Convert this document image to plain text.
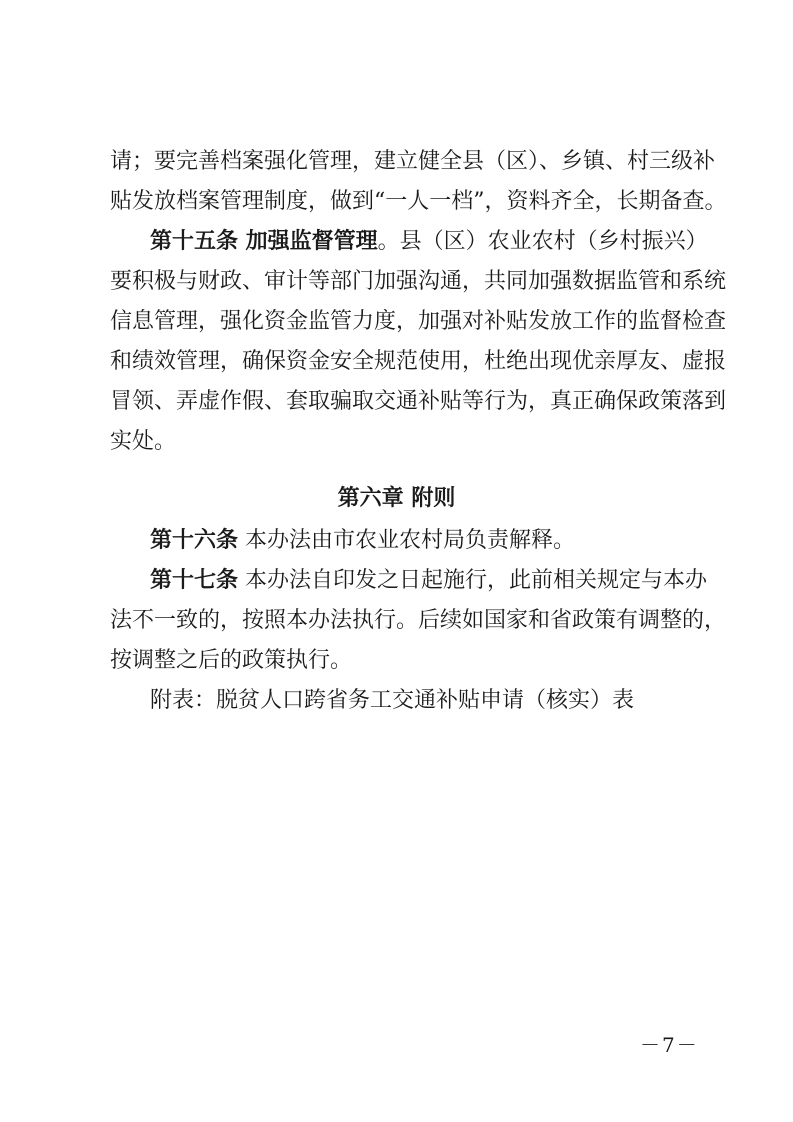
请；要完善档案强化管理，建立健全县（区）、乡镇、村三级补
贴发放档案管理制度，做到“一人一档”，资料齐全，长期备查。
第十五条 加强监督管理。县（区）农业农村（乡村振兴）
要积极与财政、审计等部门加强沟通，共同加强数据监管和系统
信息管理，强化资金监管力度，加强对补贴发放工作的监督检查
和绩效管理，确保资金安全规范使用，杜绝出现优亲厚友、虚报
冒领、弄虚作假、套取骗取交通补贴等行为，真正确保政策落到
实处。
第六章 附则
第十六条 本办法由市农业农村局负责解释。
第十七条 本办法自印发之日起施行，此前相关规定与本办
法不一致的，按照本办法执行。后续如国家和省政策有调整的，
按调整之后的政策执行。
附表：脱贫人口跨省务工交通补贴申请（核实）表
－7－
